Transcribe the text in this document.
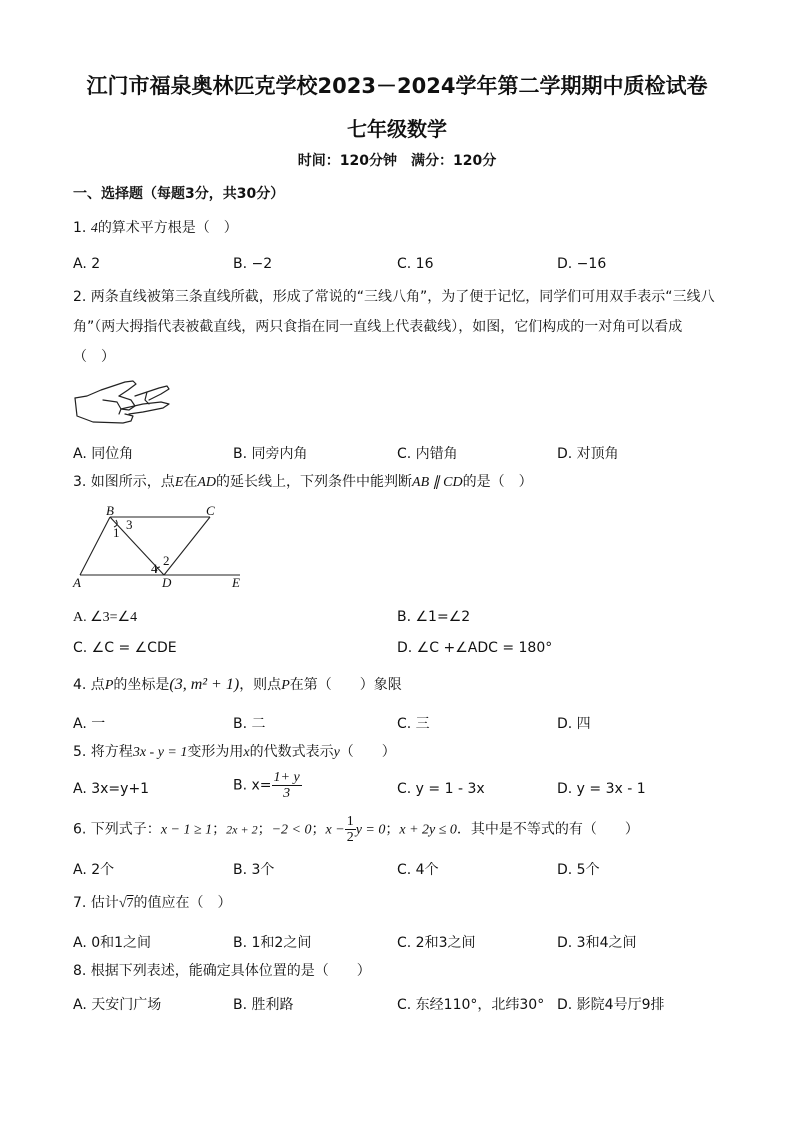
江门市福泉奥林匹克学校2023－2024学年第二学期期中质检试卷
七年级数学
时间：120分钟　满分：120分
一、选择题（每题3分，共30分）
1. 4的算术平方根是（　）
A. 2	B. −2	C. 16	D. −16
2. 两条直线被第三条直线所截，形成了常说的“三线八角”，为了便于记忆，同学们可用双手表示“三线八
角”（两大拇指代表被截直线，两只食指在同一直线上代表截线），如图，它们构成的一对角可以看成
（　）
A. 同位角	B. 同旁内角	C. 内错角	D. 对顶角
3. 如图所示，点E在AD的延长线上，下列条件中能判断AB ∥ CD的是（　）
B	C
A	D	E
1
3
2
4
A. ∠3=∠4	B. ∠1=∠2
C. ∠C = ∠CDE	D. ∠C +∠ADC = 180°
4. 点P的坐标是(3, m² + 1)，则点P在第（　　）象限
A. 一	B. 二	C. 三	D. 四
5. 将方程3x - y = 1变形为用x的代数式表示y（　　）
A. 3x=y+1	B. $x= \frac{1+ y}{3}$	C. y = 1 - 3x	D. y = 3x - 1
6. 下列式子：x − 1 ≥ 1；2x + 2；−2 < 0；$x - \frac{1}{2}$ y = 0；x + 2y ≤ 0．其中是不等式的有（　　）
A. 2个	B. 3个	C. 4个	D. 5个
7. 估计√7的值应在（　）
A. 0和1之间	B. 1和2之间	C. 2和3之间	D. 3和4之间
8. 根据下列表述，能确定具体位置的是（　　）
A. 天安门广场	B. 胜利路	C. 东经110°，北纬30° D. 影院4号厅9排
